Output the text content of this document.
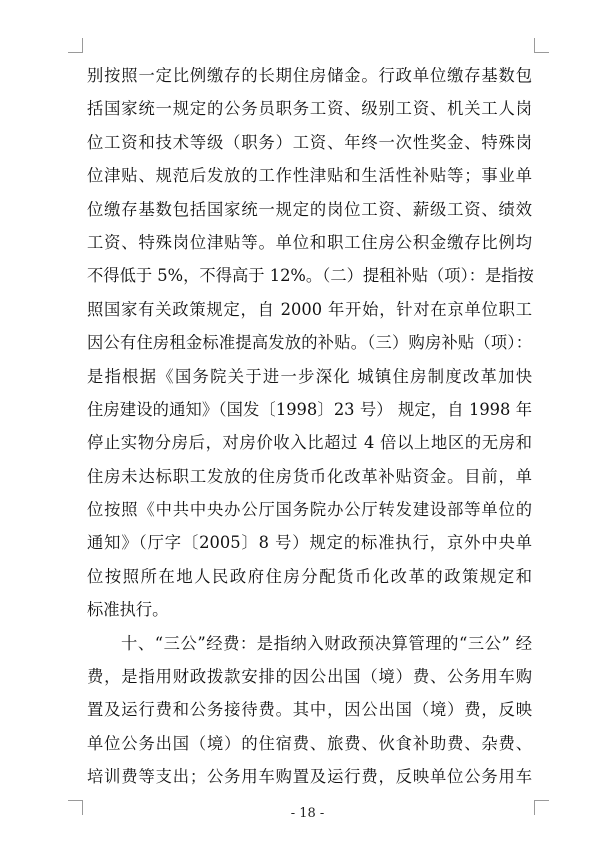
别按照一定比例缴存的长期住房储金。行政单位缴存基数包
括国家统一规定的公务员职务工资、级别工资、机关工人岗
位工资和技术等级（职务）工资、年终一次性奖金、特殊岗
位津贴、规范后发放的工作性津贴和生活性补贴等；事业单
位缴存基数包括国家统一规定的岗位工资、薪级工资、绩效
工资、特殊岗位津贴等。单位和职工住房公积金缴存比例均
不得低于 5%，不得高于 12%。（二）提租补贴（项）：是指按
照国家有关政策规定，自 2000 年开始，针对在京单位职工
因公有住房租金标准提高发放的补贴。（三）购房补贴（项）：
是指根据《国务院关于进一步深化 城镇住房制度改革加快
住房建设的通知》（国发〔1998〕23 号） 规定，自 1998 年
停止实物分房后，对房价收入比超过 4 倍以上地区的无房和
住房未达标职工发放的住房货币化改革补贴资金。目前，单
位按照《中共中央办公厅国务院办公厅转发建设部等单位的
通知》（厅字〔2005〕8 号）规定的标准执行，京外中央单
位按照所在地人民政府住房分配货币化改革的政策规定和
标准执行。
十、“三公”经费：是指纳入财政预决算管理的“三公” 经
费，是指用财政拨款安排的因公出国（境）费、公务用车购
置及运行费和公务接待费。其中，因公出国（境）费，反映
单位公务出国（境）的住宿费、旅费、伙食补助费、杂费、
培训费等支出；公务用车购置及运行费，反映单位公务用车
- 18 -
